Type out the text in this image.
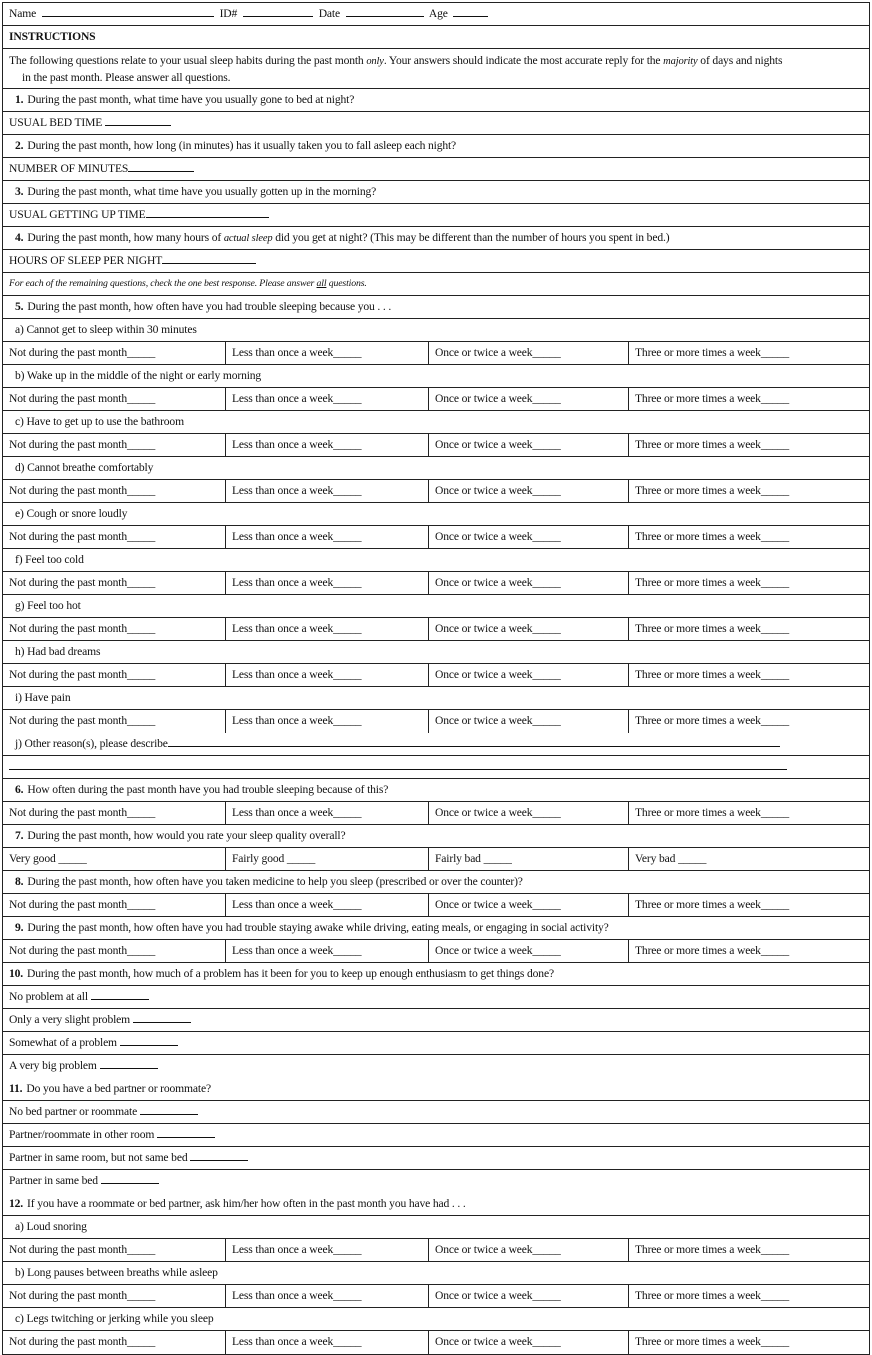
Name	ID#	Date	Age
INSTRUCTIONS
The following questions relate to your usual sleep habits during the past month only. Your answers should indicate the most accurate reply for the majority of days and nights
in the past month. Please answer all questions.
1. During the past month, what time have you usually gone to bed at night?
USUAL BED TIME
2. During the past month, how long (in minutes) has it usually taken you to fall asleep each night?
NUMBER OF MINUTES
3. During the past month, what time have you usually gotten up in the morning?
USUAL GETTING UP TIME
4. During the past month, how many hours of actual sleep did you get at night? (This may be different than the number of hours you spent in bed.)
HOURS OF SLEEP PER NIGHT
For each of the remaining questions, check the one best response. Please answer all questions.
5. During the past month, how often have you had trouble sleeping because you . . .
a) Cannot get to sleep within 30 minutes
Not during the past month_____	Less than once a week_____	Once or twice a week_____	Three or more times a week_____
b) Wake up in the middle of the night or early morning
Not during the past month_____	Less than once a week_____	Once or twice a week_____	Three or more times a week_____
c) Have to get up to use the bathroom
Not during the past month_____	Less than once a week_____	Once or twice a week_____	Three or more times a week_____
d) Cannot breathe comfortably
Not during the past month_____	Less than once a week_____	Once or twice a week_____	Three or more times a week_____
e) Cough or snore loudly
Not during the past month_____	Less than once a week_____	Once or twice a week_____	Three or more times a week_____
f) Feel too cold
Not during the past month_____	Less than once a week_____	Once or twice a week_____	Three or more times a week_____
g) Feel too hot
Not during the past month_____	Less than once a week_____	Once or twice a week_____	Three or more times a week_____
h) Had bad dreams
Not during the past month_____	Less than once a week_____	Once or twice a week_____	Three or more times a week_____
i) Have pain
Not during the past month_____	Less than once a week_____	Once or twice a week_____	Three or more times a week_____
j) Other reason(s), please describe
6. How often during the past month have you had trouble sleeping because of this?
Not during the past month_____	Less than once a week_____	Once or twice a week_____	Three or more times a week_____
7. During the past month, how would you rate your sleep quality overall?
Very good _____	Fairly good _____	Fairly bad _____	Very bad _____
8. During the past month, how often have you taken medicine to help you sleep (prescribed or over the counter)?
Not during the past month_____	Less than once a week_____	Once or twice a week_____	Three or more times a week_____
9. During the past month, how often have you had trouble staying awake while driving, eating meals, or engaging in social activity?
Not during the past month_____	Less than once a week_____	Once or twice a week_____	Three or more times a week_____
10. During the past month, how much of a problem has it been for you to keep up enough enthusiasm to get things done?
No problem at all
Only a very slight problem
Somewhat of a problem
A very big problem
11. Do you have a bed partner or roommate?
No bed partner or roommate
Partner/roommate in other room
Partner in same room, but not same bed
Partner in same bed
12. If you have a roommate or bed partner, ask him/her how often in the past month you have had . . .
a) Loud snoring
Not during the past month_____	Less than once a week_____	Once or twice a week_____	Three or more times a week_____
b) Long pauses between breaths while asleep
Not during the past month_____	Less than once a week_____	Once or twice a week_____	Three or more times a week_____
c) Legs twitching or jerking while you sleep
Not during the past month_____	Less than once a week_____	Once or twice a week_____	Three or more times a week_____
